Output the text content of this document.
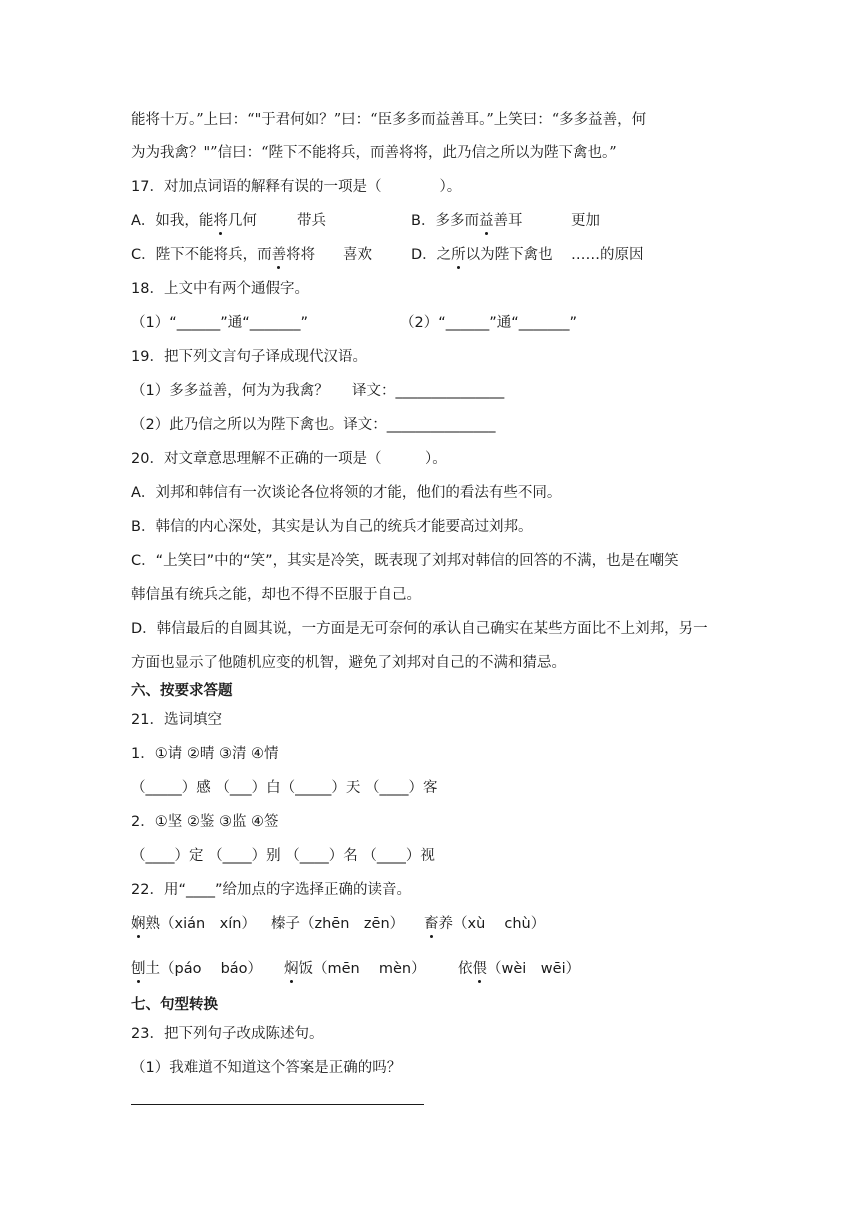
能将十万。”上曰：“"于君何如？”曰：“臣多多而益善耳。”上笑曰：“多多益善，何
为为我禽？"”信曰：“陛下不能将兵，而善将将，此乃信之所以为陛下禽也。”
17．对加点词语的解释有误的一项是（　　　　）。
A．如我，能将几何	带兵	B．多多而益善耳	更加
C．陛下不能将兵，而善将将 喜欢	D．之所以为陛下禽也 ……的原因
18．上文中有两个通假字。
（1）“______”通“_______”	（2）“______”通“_______”
19．把下列文言句子译成现代汉语。
（1）多多益善，何为为我禽？ 译文：_______________
（2）此乃信之所以为陛下禽也。译文：_______________
20．对文章意思理解不正确的一项是（　　　）。
A．刘邦和韩信有一次谈论各位将领的才能，他们的看法有些不同。
B．韩信的内心深处，其实是认为自己的统兵才能要高过刘邦。
C．“上笑曰”中的“笑”，其实是冷笑，既表现了刘邦对韩信的回答的不满，也是在嘲笑
韩信虽有统兵之能，却也不得不臣服于自己。
D．韩信最后的自圆其说，一方面是无可奈何的承认自己确实在某些方面比不上刘邦，另一
方面也显示了他随机应变的机智，避免了刘邦对自己的不满和猜忌。
六、按要求答题
21．选词填空
1．①请 ②晴 ③清 ④情
（_____）感 （___）白（_____）天 （____）客
2．①坚 ②鉴 ③监 ④签
（____）定 （____）别 （____）名 （____）视
22．用“____”给加点的字选择正确的读音。
娴熟（xián　xín） 榛子（zhēn　zēn） 畜养（xù　 chù）
刨土（páo　 báo） 焖饭（mēn　 mèn） 依偎（wèi　wēi）
七、句型转换
23．把下列句子改成陈述句。
（1）我难道不知道这个答案是正确的吗？
